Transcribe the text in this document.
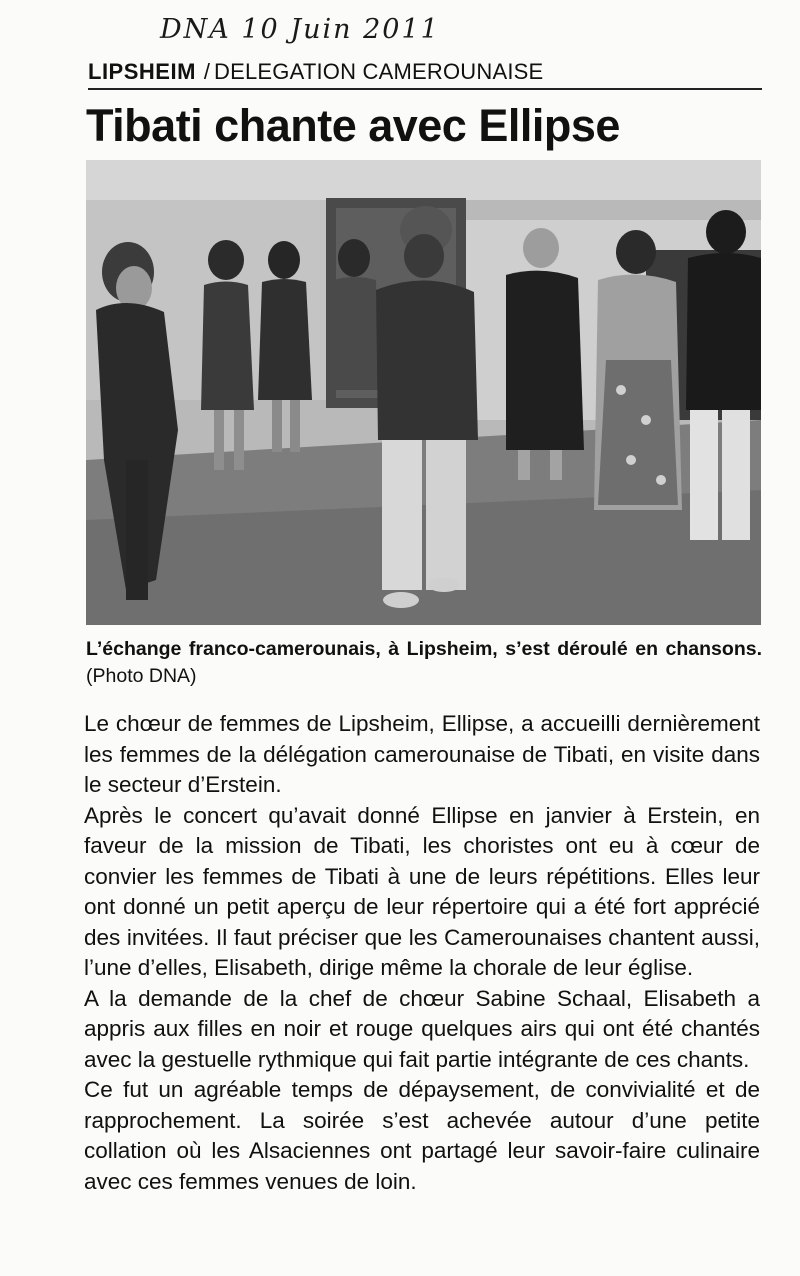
DNA 10 Juin 2011
LIPSHEIM / DELEGATION CAMEROUNAISE
Tibati chante avec Ellipse
L’échange franco-camerounais, à Lipsheim, s’est déroulé en chansons. (Photo DNA)

Le chœur de femmes de Lipsheim, Ellipse, a accueilli dernièrement les femmes de la délégation camerounaise de Tibati, en visite dans le secteur d’Erstein.

Après le concert qu’avait donné Ellipse en janvier à Erstein, en faveur de la mission de Tibati, les choristes ont eu à cœur de convier les femmes de Tibati à une de leurs répétitions. Elles leur ont donné un petit aperçu de leur répertoire qui a été fort apprécié des invitées. Il faut préciser que les Camerounaises chantent aussi, l’une d’elles, Elisabeth, dirige même la chorale de leur église.

A la demande de la chef de chœur Sabine Schaal, Elisabeth a appris aux filles en noir et rouge quelques airs qui ont été chantés avec la gestuelle rythmique qui fait partie intégrante de ces chants.

Ce fut un agréable temps de dépaysement, de convivialité et de rapprochement. La soirée s’est achevée autour d’une petite collation où les Alsaciennes ont partagé leur savoir-faire culinaire avec ces femmes venues de loin.
